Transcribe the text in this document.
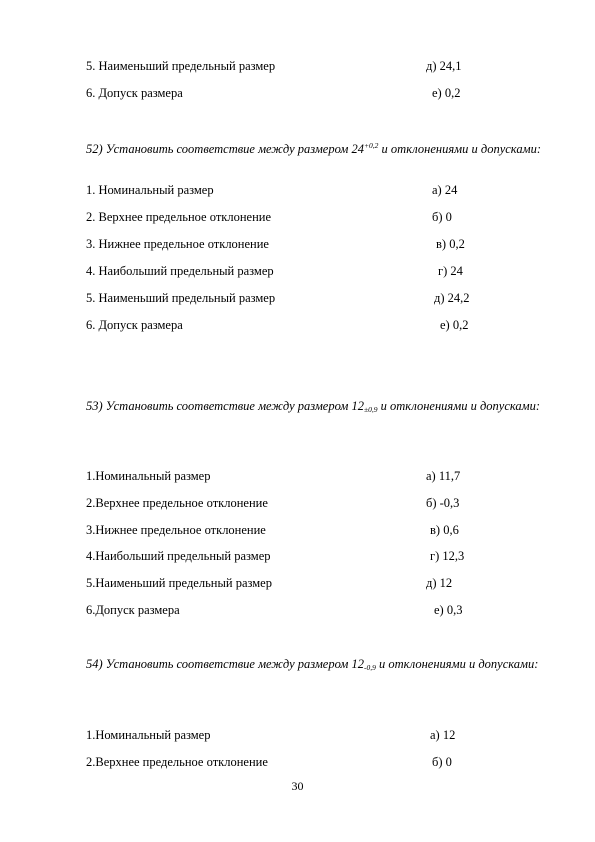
5. Наименьший предельный размер	д) 24,1
6. Допуск размера	е) 0,2
52) Установить соответствие между размером $24^{+0,2}$ и отклонениями и допусками:
1. Номинальный размер	а) 24
2. Верхнее предельное отклонение	б) 0
3. Нижнее предельное отклонение	в) 0,2
4. Наибольший предельный размер	г) 24
5. Наименьший предельный размер	д) 24,2
6. Допуск размера	е) 0,2
53) Установить соответствие между размером $12_{\pm 0,9}$ и отклонениями и допусками:
1.Номинальный размер	а) 11,7
2.Верхнее предельное отклонение	б) -0,3
3.Нижнее предельное отклонение	в) 0,6
4.Наибольший предельный размер	г) 12,3
5.Наименьший предельный размер	д) 12
6.Допуск размера	е) 0,3
54) Установить соответствие между размером $12_{-0,9}$ и отклонениями и допусками:
1.Номинальный размер	а) 12
2.Верхнее предельное отклонение	б) 0
30
